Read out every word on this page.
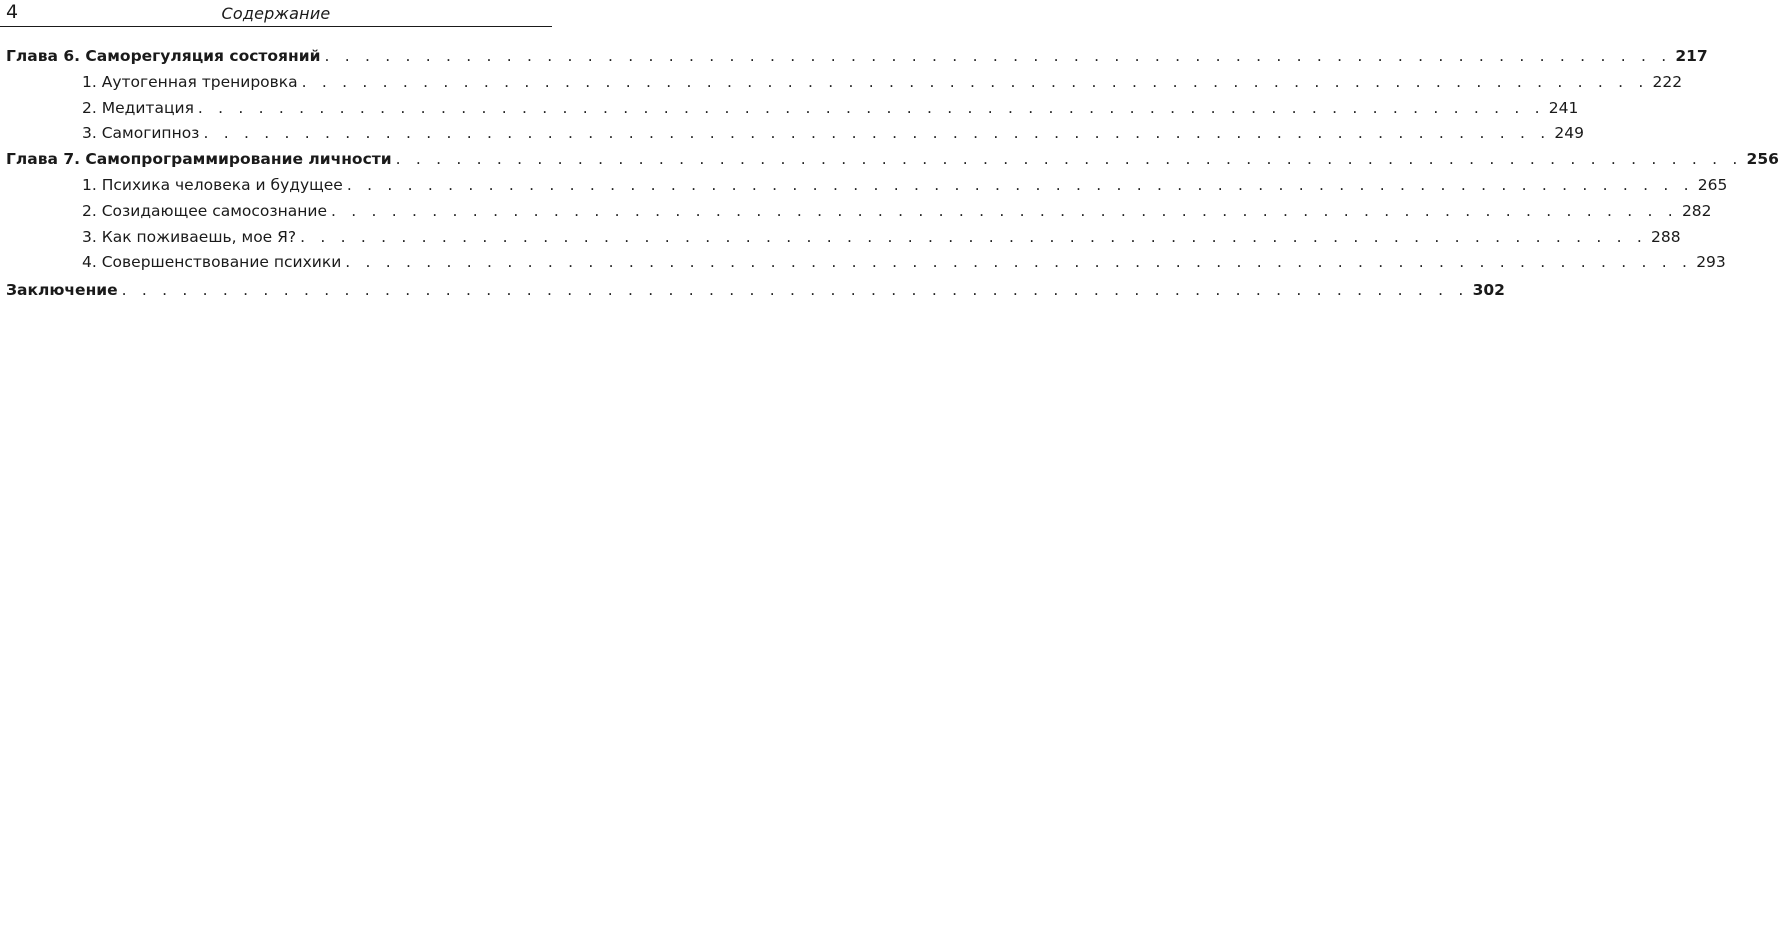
4	Содержание
Глава 6. Саморегуляция состояний . . . . . . . . . . . . . . . . . . . . . . . . . . . . . . . . . . . . . . . . . . . . . . . . . . . . . . . . . . . . . . . . . . . 217
1. Аутогенная тренировка . . . . . . . . . . . . . . . . . . . . . . . . . . . . . . . . . . . . . . . . . . . . . . . . . . . . . . . . . . . . . . . . . . . 222
2. Медитация . . . . . . . . . . . . . . . . . . . . . . . . . . . . . . . . . . . . . . . . . . . . . . . . . . . . . . . . . . . . . . . . . . . 241
3. Самогипноз . . . . . . . . . . . . . . . . . . . . . . . . . . . . . . . . . . . . . . . . . . . . . . . . . . . . . . . . . . . . . . . . . . . 249
Глава 7. Самопрограммирование личности . . . . . . . . . . . . . . . . . . . . . . . . . . . . . . . . . . . . . . . . . . . . . . . . . . . . . . . . . . . . . . . . . . . 256
1. Психика человека и будущее . . . . . . . . . . . . . . . . . . . . . . . . . . . . . . . . . . . . . . . . . . . . . . . . . . . . . . . . . . . . . . . . . . . 265
2. Созидающее самосознание . . . . . . . . . . . . . . . . . . . . . . . . . . . . . . . . . . . . . . . . . . . . . . . . . . . . . . . . . . . . . . . . . . . 282
3. Как поживаешь, мое Я? . . . . . . . . . . . . . . . . . . . . . . . . . . . . . . . . . . . . . . . . . . . . . . . . . . . . . . . . . . . . . . . . . . . 288
4. Совершенствование психики . . . . . . . . . . . . . . . . . . . . . . . . . . . . . . . . . . . . . . . . . . . . . . . . . . . . . . . . . . . . . . . . . . . 293
Заключение . . . . . . . . . . . . . . . . . . . . . . . . . . . . . . . . . . . . . . . . . . . . . . . . . . . . . . . . . . . . . . . . . . . 302
